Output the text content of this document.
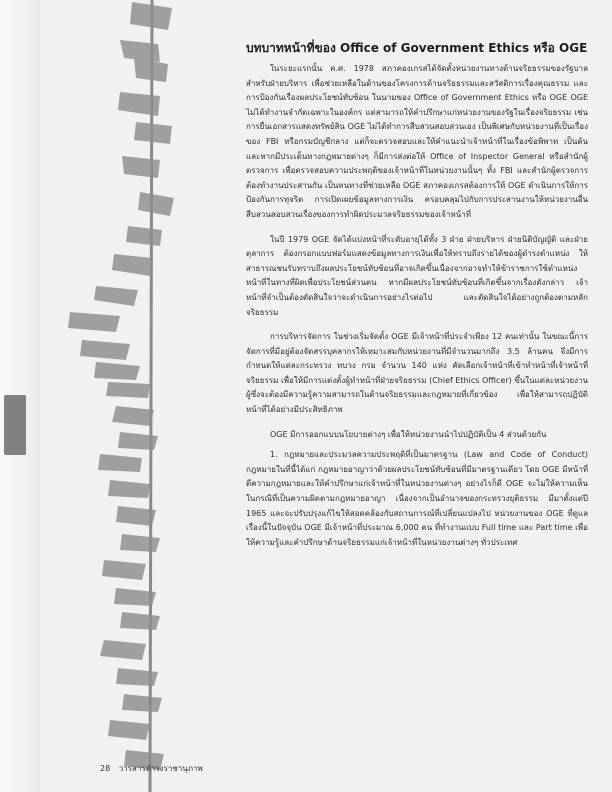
บทบาทหน้าที่ของ Office of Government Ethics หรือ OGE

ในระยะแรกนั้น ค.ศ. 1978 สภาคองเกรสได้จัดตั้งหน่วยงานทางด้านจริยธรรมของรัฐบาลสำหรับฝ่ายบริหาร เพื่อช่วยเหลือในด้านของโครงการด้านจริยธรรมและสวัสดิการเรื่องคุณธรรม และการป้องกันเรื่องผลประโยชน์ทับซ้อน ในนามของ Office of Government Ethics หรือ OGE OGE ไม่ได้ทำงานจำกัดเฉพาะในองค์กร แต่สามารถให้คำปรึกษาแก่หน่วยงานของรัฐในเรื่องจริยธรรม เช่น การยื่นเอกสารแสดงทรัพย์สิน OGE ไม่ได้ทำการสืบสวนสอบสวนเอง เป็นพิเศษกับหน่วยงานที่เป็นเรื่องของ FBI หรือกรมบัญชีกลาง แต่ก็จะตรวจสอบและให้คำแนะนำเจ้าหน้าที่ในเรื่องข้อพิพาท เป็นต้น และหากมีประเด็นทางกฎหมายต่างๆ ก็มีการส่งต่อให้ Office of Inspector General หรือสำนักผู้ตรวจการ เพื่อตรวจสอบความประพฤติของเจ้าหน้าที่ในหน่วยงานนั้นๆ ทั้ง FBI และสำนักผู้ตรวจการต้องทำงานประสานกัน เป็นหนทางที่ช่วยเหลือ OGE สภาคองเกรสต้องการให้ OGE ดำเนินการให้การป้องกันการทุจริต การเปิดเผยข้อมูลทางการเงิน ครอบคลุมไปกับการประสานงานให้หน่วยงานอื่นสืบสวนสอบสวนเรื่องของการทำผิดประมวลจริยธรรมของเจ้าหน้าที่

ในปี 1979 OGE จัดได้แบ่งหน้าที่ระดับอายุได้ทั้ง 3 ฝ่าย ฝ่ายบริหาร ฝ่ายนิติบัญญัติ และฝ่ายตุลาการ ต้องกรอกแบบฟอร์มแสดงข้อมูลทางการเงินเพื่อให้ทราบถึงรายได้ของผู้ดำรงตำแหน่ง ให้สาธารณชนรับทราบถึงผลประโยชน์ทับซ้อนที่อาจเกิดขึ้นเนื่องจากอาจทำให้ข้าราชการใช้ตำแหน่งหน้าที่ในทางที่ผิดเพื่อประโยชน์ส่วนตน หากมีผลประโยชน์ทับซ้อนที่เกิดขึ้นจากเรื่องดังกล่าว เจ้าหน้าที่จำเป็นต้องตัดสินใจว่าจะดำเนินการอย่างไรต่อไป และตัดสินใจได้อย่างถูกต้องตามหลักจริยธรรม

การบริหารจัดการ ในช่วงเริ่มจัดตั้ง OGE มีเจ้าหน้าที่ประจำเพียง 12 คนเท่านั้น ในขณะนี้การจัดการที่มีอยู่ต้องจัดสรรบุคลากรให้เหมาะสมกับหน่วยงานที่มีจำนวนมากถึง 3.5 ล้านคน จึงมีการกำหนดให้แต่ละกระทรวง ทบวง กรม จำนวน 140 แห่ง คัดเลือกเจ้าหน้าที่เข้าทำหน้าที่เจ้าหน้าที่จริยธรรม เพื่อให้มีการแต่งตั้งผู้ทำหน้าที่ฝ่ายจริยธรรม (Chief Ethics Officer) ขึ้นในแต่ละหน่วยงาน ผู้ซึ่งจะต้องมีความรู้ความสามารถในด้านจริยธรรมและกฎหมายที่เกี่ยวข้อง เพื่อให้สามารถปฏิบัติหน้าที่ได้อย่างมีประสิทธิภาพ

OGE มีการออกแบบนโยบายต่างๆ เพื่อให้หน่วยงานนำไปปฏิบัติเป็น 4 ส่วนด้วยกัน

1. กฎหมายและประมวลความประพฤติที่เป็นมาตรฐาน (Law and Code of Conduct) กฎหมายในที่นี้ได้แก่ กฎหมายอาญาว่าด้วยผลประโยชน์ทับซ้อนที่มีมาตรฐานเดียว โดย OGE มีหน้าที่ตีความกฎหมายและให้คำปรึกษาแก่เจ้าหน้าที่ในหน่วยงานต่างๆ อย่างไรก็ดี OGE จะไม่ให้ความเห็นในกรณีที่เป็นความผิดตามกฎหมายอาญา เนื่องจากเป็นอำนาจของกระทรวงยุติธรรม มีมาตั้งแต่ปี 1965 และจะปรับปรุงแก้ไขให้สอดคล้องกับสถานการณ์ที่เปลี่ยนแปลงไป หน่วยงานของ OGE ที่ดูแลเรื่องนี้ในปัจจุบัน OGE มีเจ้าหน้าที่ประมาณ 6,000 คน ที่ทำงานแบบ Full time และ Part time เพื่อให้ความรู้และคำปรึกษาด้านจริยธรรมแก่เจ้าหน้าที่ในหน่วยงานต่างๆ ทั่วประเทศ

28 วารสารดำรงราชานุภาพ
